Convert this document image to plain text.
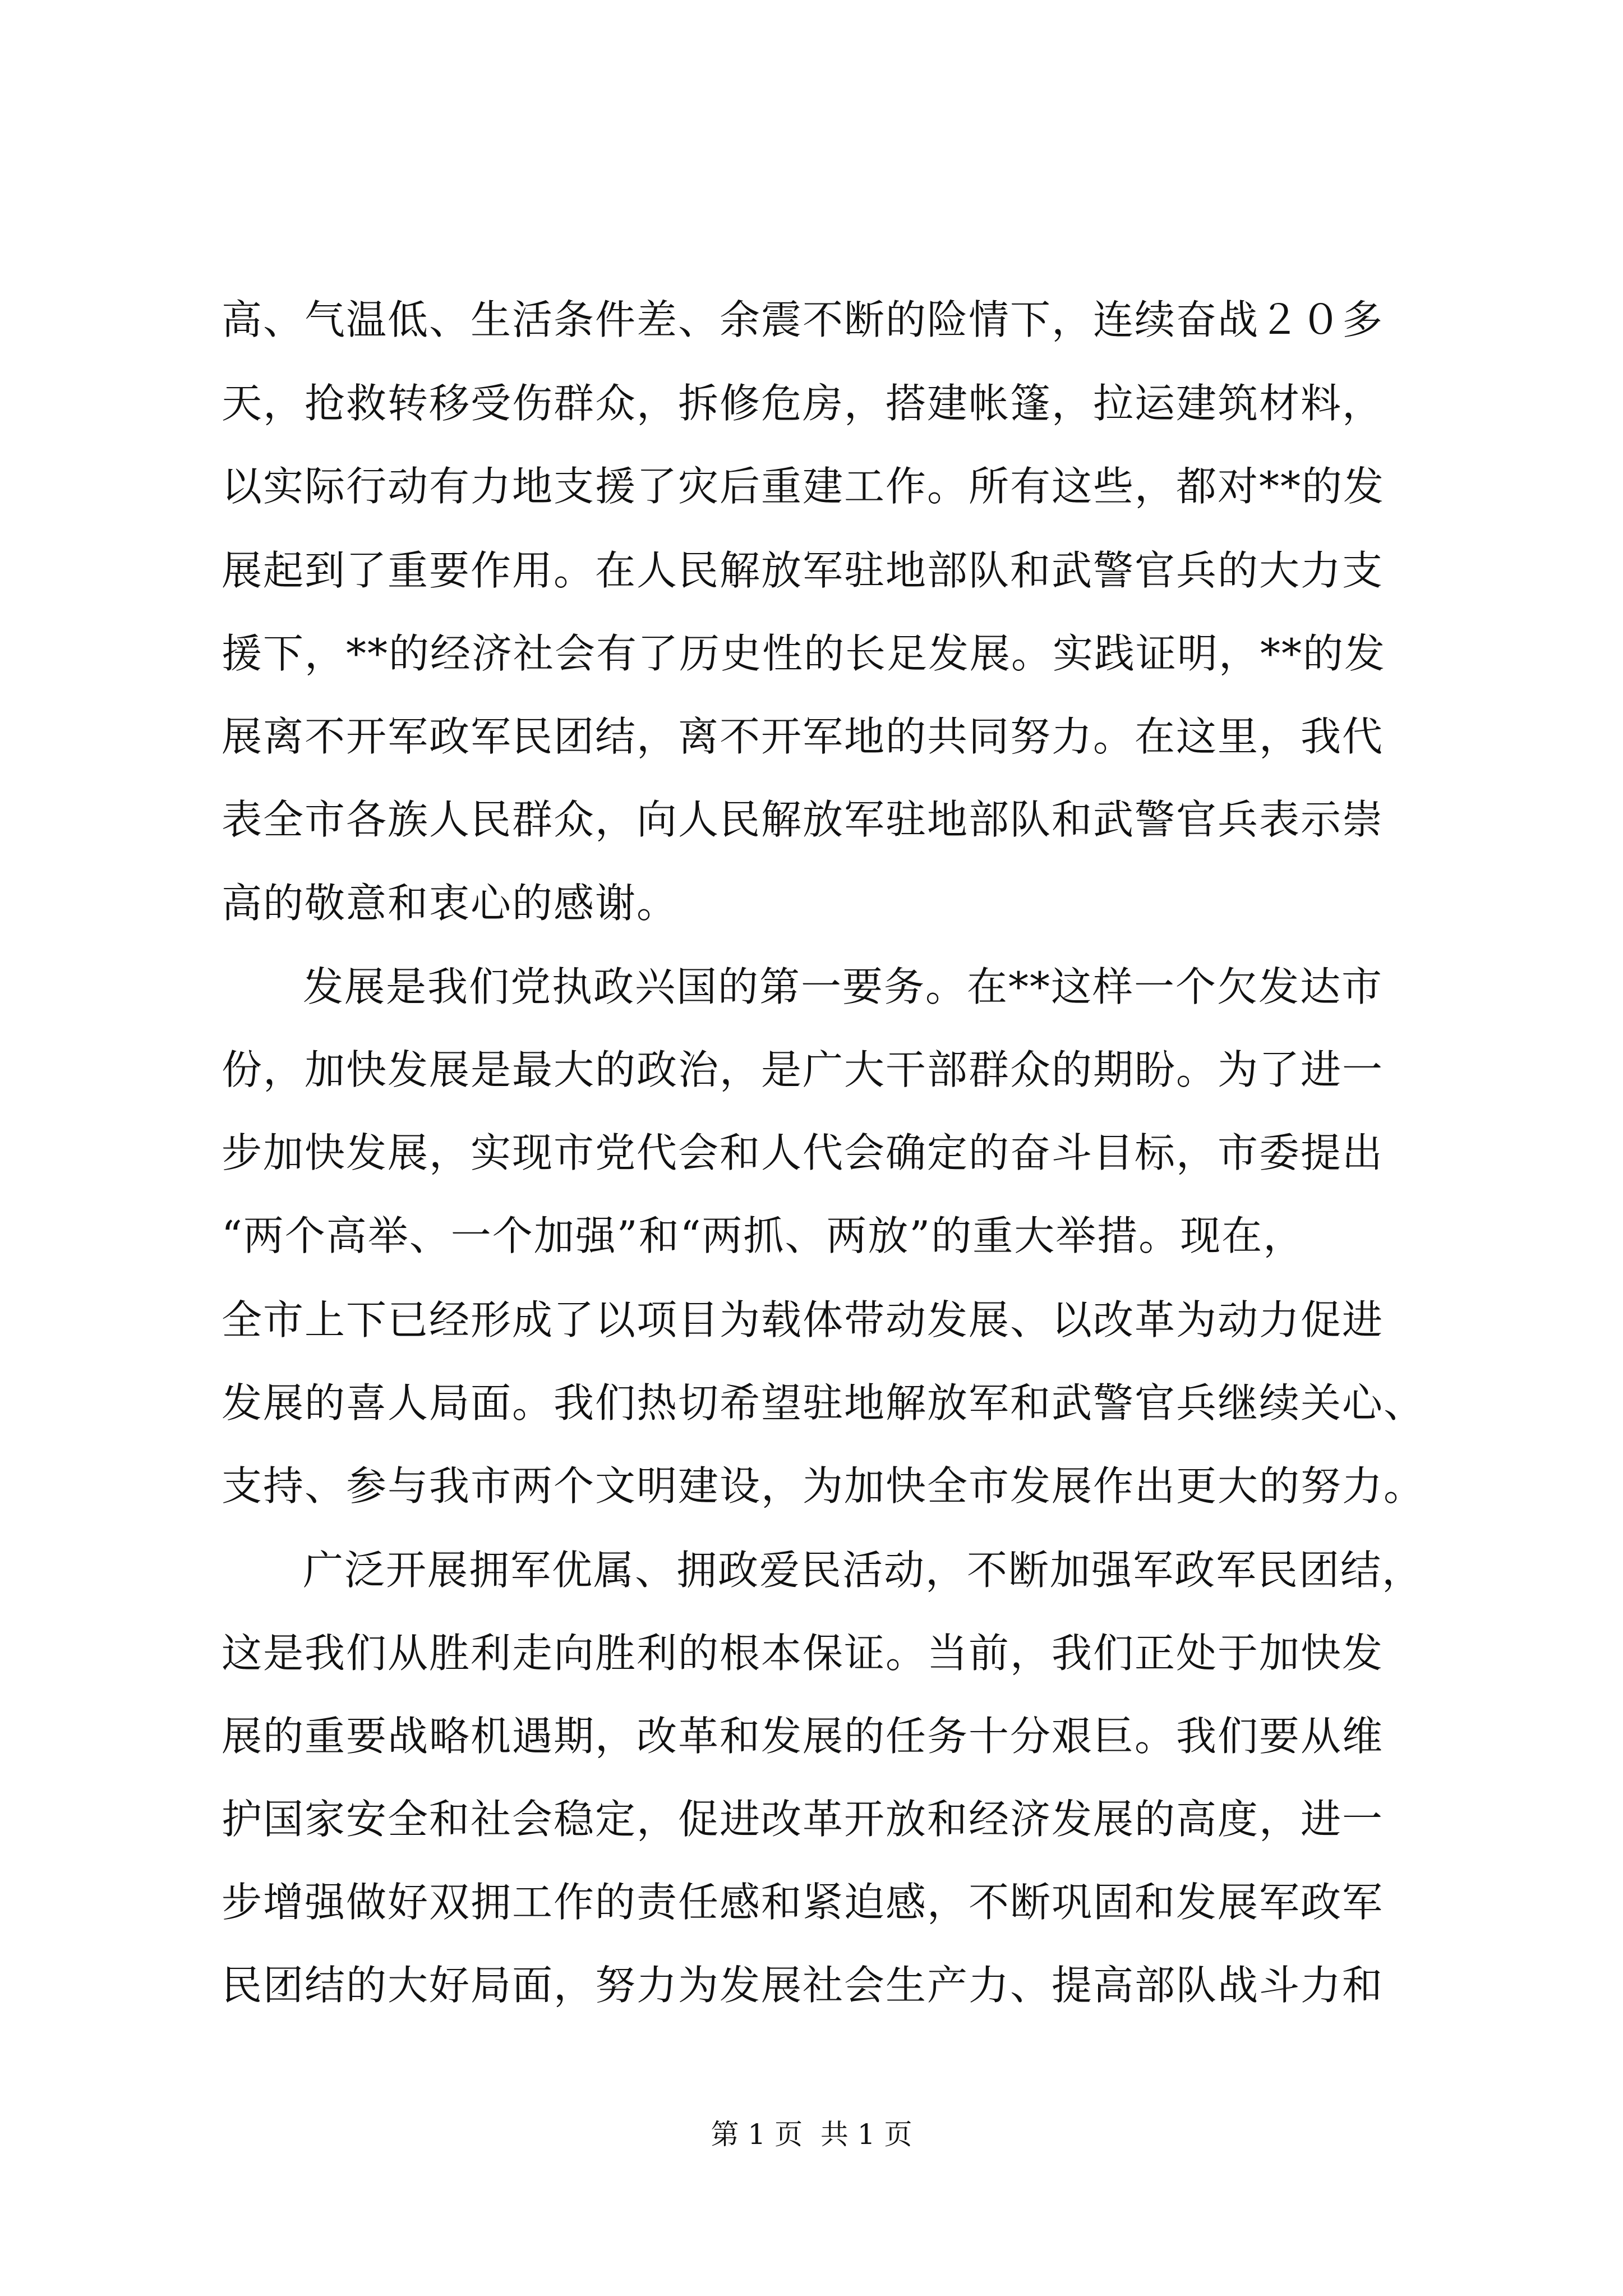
高、气温低、生活条件差、余震不断的险情下，连续奋战２０多
天，抢救转移受伤群众，拆修危房，搭建帐篷，拉运建筑材料，
以实际行动有力地支援了灾后重建工作。所有这些，都对**的发
展起到了重要作用。在人民解放军驻地部队和武警官兵的大力支
援下，**的经济社会有了历史性的长足发展。实践证明，**的发
展离不开军政军民团结，离不开军地的共同努力。在这里，我代
表全市各族人民群众，向人民解放军驻地部队和武警官兵表示崇
高的敬意和衷心的感谢。
发展是我们党执政兴国的第一要务。在**这样一个欠发达市
份，加快发展是最大的政治，是广大干部群众的期盼。为了进一
步加快发展，实现市党代会和人代会确定的奋斗目标，市委提出
“两个高举、一个加强”和“两抓、两放”的重大举措。现在，
全市上下已经形成了以项目为载体带动发展、以改革为动力促进
发展的喜人局面。我们热切希望驻地解放军和武警官兵继续关心、
支持、参与我市两个文明建设，为加快全市发展作出更大的努力。
广泛开展拥军优属、拥政爱民活动，不断加强军政军民团结，
这是我们从胜利走向胜利的根本保证。当前，我们正处于加快发
展的重要战略机遇期，改革和发展的任务十分艰巨。我们要从维
护国家安全和社会稳定，促进改革开放和经济发展的高度，进一
步增强做好双拥工作的责任感和紧迫感，不断巩固和发展军政军
民团结的大好局面，努力为发展社会生产力、提高部队战斗力和
第 1 页  共 1 页
